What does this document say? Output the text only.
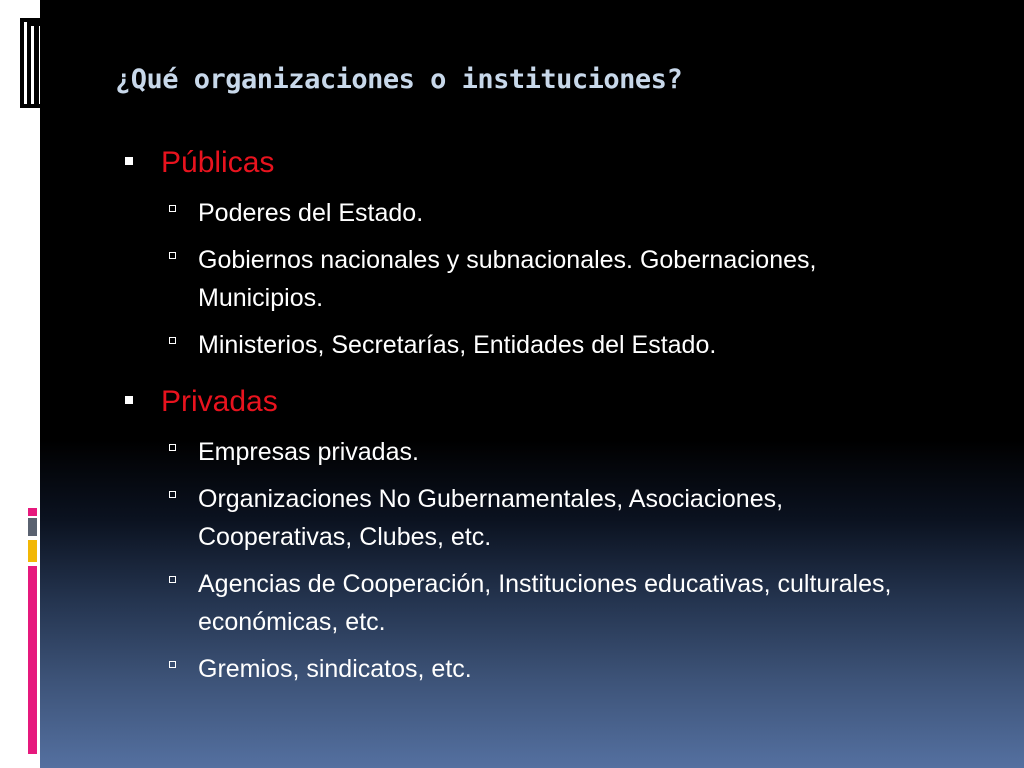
¿Qué organizaciones o instituciones?
Públicas
Poderes del Estado.
Gobiernos nacionales y subnacionales. Gobernaciones, Municipios.
Ministerios, Secretarías, Entidades del Estado.
Privadas
Empresas privadas.
Organizaciones No Gubernamentales, Asociaciones, Cooperativas, Clubes, etc.
Agencias de Cooperación, Instituciones educativas, culturales, económicas, etc.
Gremios, sindicatos, etc.
